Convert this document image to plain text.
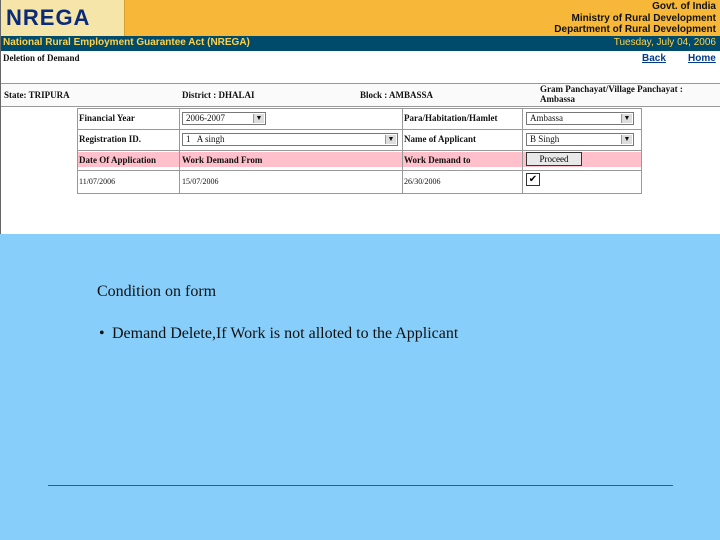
NREGA	Govt. of India
Ministry of Rural Development
Department of Rural Development
National Rural Employment Guarantee Act (NREGA)	Tuesday, July 04, 2006
Deletion of Demand	Back Home
State: TRIPURA	District : DHALAI	Block : AMBASSA
Gram Panchayat/Village Panchayat : Ambassa
Financial Year	2006-2007	▼	Para/Habitation/Hamlet	Ambassa	▼
Registration ID.	1   A singh	▼ Name of Applicant	B Singh	▼
Date Of Application	Work Demand From	Work Demand to	Proceed
11/07/2006	15/07/2006	26/30/2006	✔
Condition on form
• Demand Delete,If Work is not alloted to the Applicant
